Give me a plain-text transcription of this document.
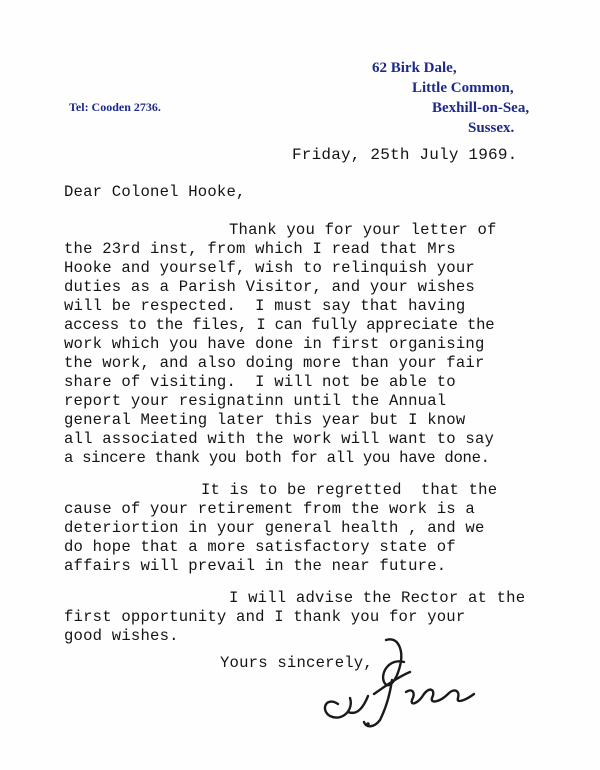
62 Birk Dale,
Little Common,
Bexhill-on-Sea,
Sussex.
Tel: Cooden 2736.
Friday, 25th July 1969.
Dear Colonel Hooke,
Thank you for your letter of
the 23rd inst, from which I read that Mrs
Hooke and yourself, wish to relinquish your
duties as a Parish Visitor, and your wishes
will be respected.  I must say that having
access to the files, I can fully appreciate the
work which you have done in first organising
the work, and also doing more than your fair
share of visiting.  I will not be able to
report your resignatinn until the Annual
general Meeting later this year but I know
all associated with the work will want to say
a sincere thank you both for all you have done.
It is to be regretted  that the
cause of your retirement from the work is a
deteriortion in your general health , and we
do hope that a more satisfactory state of
affairs will prevail in the near future.
I will advise the Rector at the
first opportunity and I thank you for your
good wishes.
Yours sincerely,
